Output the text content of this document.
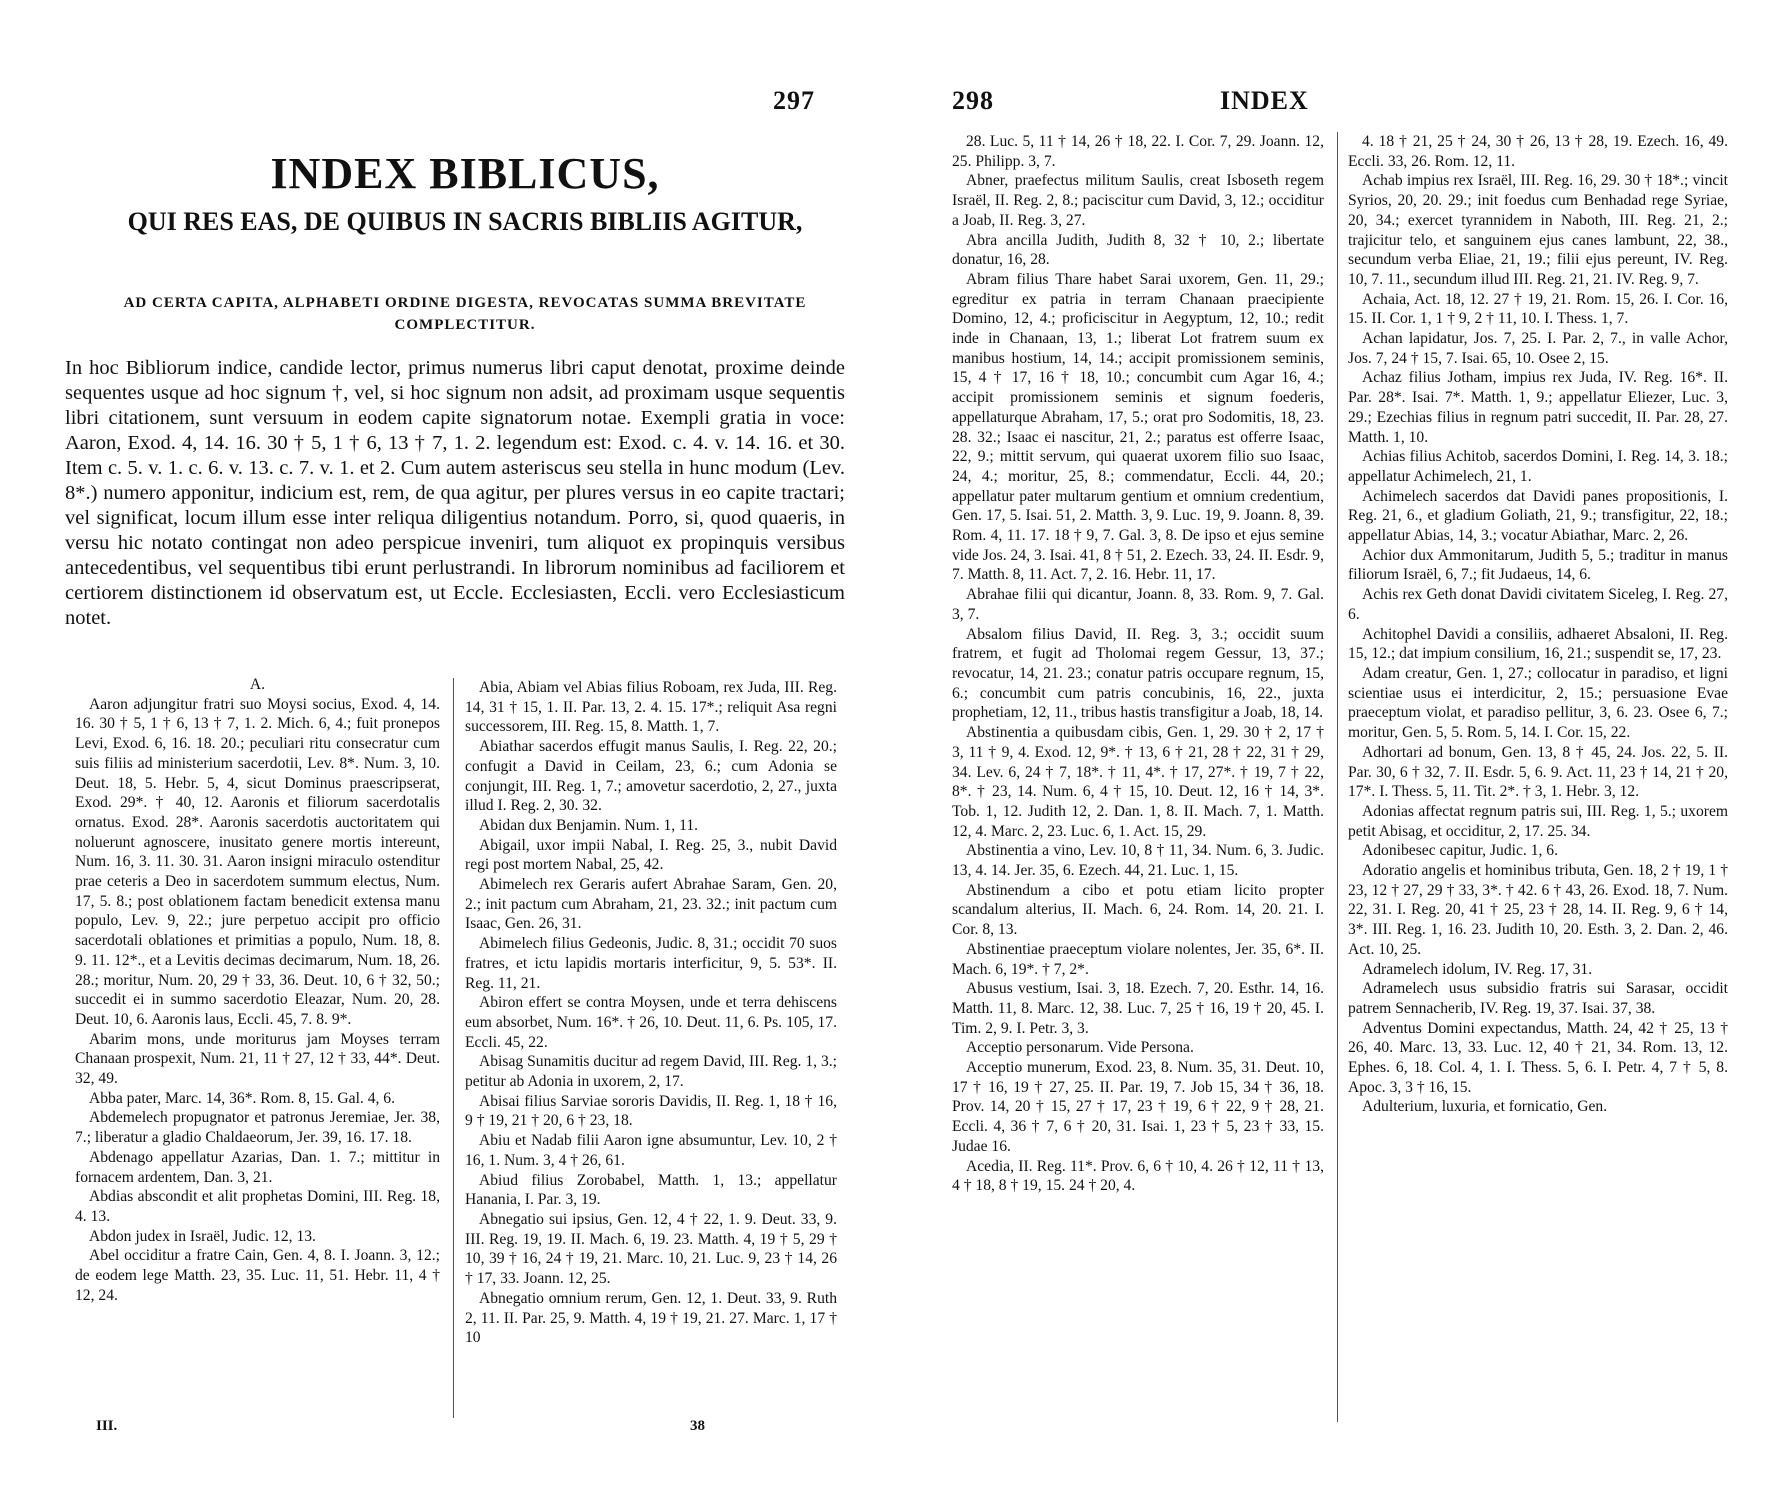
297
INDEX BIBLICUS,
QUI RES EAS, DE QUIBUS IN SACRIS BIBLIIS AGITUR,
AD CERTA CAPITA, ALPHABETI ORDINE DIGESTA, REVOCATAS SUMMA BREVITATE COMPLECTITUR.
In hoc Bibliorum indice, candide lector, primus numerus libri caput denotat, proxime deinde sequentes usque ad hoc signum †, vel, si hoc signum non adsit, ad proximam usque sequentis libri citationem, sunt versuum in eodem capite signatorum notae. Exempli gratia in voce: Aaron, Exod. 4, 14. 16. 30 † 5, 1 † 6, 13 † 7, 1. 2. legendum est: Exod. c. 4. v. 14. 16. et 30. Item c. 5. v. 1. c. 6. v. 13. c. 7. v. 1. et 2. Cum autem asteriscus seu stella in hunc modum (Lev. 8*.) numero apponitur, indicium est, rem, de qua agitur, per plures versus in eo capite tractari; vel significat, locum illum esse inter reliqua diligentius notandum. Porro, si, quod quaeris, in versu hic notato contingat non adeo perspicue inveniri, tum aliquot ex propinquis versibus antecedentibus, vel sequentibus tibi erunt perlustrandi. In librorum nominibus ad faciliorem et certiorem distinctionem id observatum est, ut Eccle. Ecclesiasten, Eccli. vero Ecclesiasticum notet.

A.

Aaron adjungitur fratri suo Moysi socius, Exod. 4, 14. 16. 30 † 5, 1 † 6, 13 † 7, 1. 2. Mich. 6, 4.; fuit pronepos Levi, Exod. 6, 16. 18. 20.; peculiari ritu consecratur cum suis filiis ad ministerium sacerdotii, Lev. 8*. Num. 3, 10. Deut. 18, 5. Hebr. 5, 4, sicut Dominus praescripserat, Exod. 29*. † 40, 12. Aaronis et filiorum sacerdotalis ornatus. Exod. 28*. Aaronis sacerdotis auctoritatem qui noluerunt agnoscere, inusitato genere mortis intereunt, Num. 16, 3. 11. 30. 31. Aaron insigni miraculo ostenditur prae ceteris a Deo in sacerdotem summum electus, Num. 17, 5. 8.; post oblationem factam benedicit extensa manu populo, Lev. 9, 22.; jure perpetuo accipit pro officio sacerdotali oblationes et primitias a populo, Num. 18, 8. 9. 11. 12*., et a Levitis decimas decimarum, Num. 18, 26. 28.; moritur, Num. 20, 29 † 33, 36. Deut. 10, 6 † 32, 50.; succedit ei in summo sacerdotio Eleazar, Num. 20, 28. Deut. 10, 6. Aaronis laus, Eccli. 45, 7. 8. 9*.

Abarim mons, unde moriturus jam Moyses terram Chanaan prospexit, Num. 21, 11 † 27, 12 † 33, 44*. Deut. 32, 49.

Abba pater, Marc. 14, 36*. Rom. 8, 15. Gal. 4, 6.

Abdemelech propugnator et patronus Jeremiae, Jer. 38, 7.; liberatur a gladio Chaldaeorum, Jer. 39, 16. 17. 18.

Abdenago appellatur Azarias, Dan. 1. 7.; mittitur in fornacem ardentem, Dan. 3, 21.

Abdias abscondit et alit prophetas Domini, III. Reg. 18, 4. 13.

Abdon judex in Israël, Judic. 12, 13.

Abel occiditur a fratre Cain, Gen. 4, 8. I. Joann. 3, 12.; de eodem lege Matth. 23, 35. Luc. 11, 51. Hebr. 11, 4 † 12, 24.

Abia, Abiam vel Abias filius Roboam, rex Juda, III. Reg. 14, 31 † 15, 1. II. Par. 13, 2. 4. 15. 17*.; reliquit Asa regni successorem, III. Reg. 15, 8. Matth. 1, 7.

Abiathar sacerdos effugit manus Saulis, I. Reg. 22, 20.; confugit a David in Ceilam, 23, 6.; cum Adonia se conjungit, III. Reg. 1, 7.; amovetur sacerdotio, 2, 27., juxta illud I. Reg. 2, 30. 32.

Abidan dux Benjamin. Num. 1, 11.

Abigail, uxor impii Nabal, I. Reg. 25, 3., nubit David regi post mortem Nabal, 25, 42.

Abimelech rex Geraris aufert Abrahae Saram, Gen. 20, 2.; init pactum cum Abraham, 21, 23. 32.; init pactum cum Isaac, Gen. 26, 31.

Abimelech filius Gedeonis, Judic. 8, 31.; occidit 70 suos fratres, et ictu lapidis mortaris interficitur, 9, 5. 53*. II. Reg. 11, 21.

Abiron effert se contra Moysen, unde et terra dehiscens eum absorbet, Num. 16*. † 26, 10. Deut. 11, 6. Ps. 105, 17. Eccli. 45, 22.

Abisag Sunamitis ducitur ad regem David, III. Reg. 1, 3.; petitur ab Adonia in uxorem, 2, 17.

Abisai filius Sarviae sororis Davidis, II. Reg. 1, 18 † 16, 9 † 19, 21 † 20, 6 † 23, 18.

Abiu et Nadab filii Aaron igne absumuntur, Lev. 10, 2 † 16, 1. Num. 3, 4 † 26, 61.

Abiud filius Zorobabel, Matth. 1, 13.; appellatur Hananiа, I. Par. 3, 19.

Abnegatio sui ipsius, Gen. 12, 4 † 22, 1. 9. Deut. 33, 9. III. Reg. 19, 19. II. Mach. 6, 19. 23. Matth. 4, 19 † 5, 29 † 10, 39 † 16, 24 † 19, 21. Marc. 10, 21. Luc. 9, 23 † 14, 26 † 17, 33. Joann. 12, 25.

Abnegatio omnium rerum, Gen. 12, 1. Deut. 33, 9. Ruth 2, 11. II. Par. 25, 9. Matth. 4, 19 † 19, 21. 27. Marc. 1, 17 † 10

III.	38
298	INDEX

28. Luc. 5, 11 † 14, 26 † 18, 22. I. Cor. 7, 29. Joann. 12, 25. Philipp. 3, 7.

Abner, praefectus militum Saulis, creat Isboseth regem Israël, II. Reg. 2, 8.; paciscitur cum David, 3, 12.; occiditur a Joab, II. Reg. 3, 27.

Abra ancilla Judith, Judith 8, 32 † 10, 2.; libertate donatur, 16, 28.

Abram filius Thare habet Sarai uxorem, Gen. 11, 29.; egreditur ex patria in terram Chanaan praecipiente Domino, 12, 4.; proficiscitur in Aegyptum, 12, 10.; redit inde in Chanaan, 13, 1.; liberat Lot fratrem suum ex manibus hostium, 14, 14.; accipit promissionem seminis, 15, 4 † 17, 16 † 18, 10.; concumbit cum Agar 16, 4.; accipit promissionem seminis et signum foederis, appellaturque Abraham, 17, 5.; orat pro Sodomitis, 18, 23. 28. 32.; Isaac ei nascitur, 21, 2.; paratus est offerre Isaac, 22, 9.; mittit servum, qui quaerat uxorem filio suo Isaac, 24, 4.; moritur, 25, 8.; commendatur, Eccli. 44, 20.; appellatur pater multarum gentium et omnium credentium, Gen. 17, 5. Isai. 51, 2. Matth. 3, 9. Luc. 19, 9. Joann. 8, 39. Rom. 4, 11. 17. 18 † 9, 7. Gal. 3, 8. De ipso et ejus semine vide Jos. 24, 3. Isai. 41, 8 † 51, 2. Ezech. 33, 24. II. Esdr. 9, 7. Matth. 8, 11. Act. 7, 2. 16. Hebr. 11, 17.

Abrahae filii qui dicantur, Joann. 8, 33. Rom. 9, 7. Gal. 3, 7.

Absalom filius David, II. Reg. 3, 3.; occidit suum fratrem, et fugit ad Tholomai regem Gessur, 13, 37.; revocatur, 14, 21. 23.; conatur patris occupare regnum, 15, 6.; concumbit cum patris concubinis, 16, 22., juxta prophetiam, 12, 11., tribus hastis transfigitur a Joab, 18, 14.

Abstinentia a quibusdam cibis, Gen. 1, 29. 30 † 2, 17 † 3, 11 † 9, 4. Exod. 12, 9*. † 13, 6 † 21, 28 † 22, 31 † 29, 34. Lev. 6, 24 † 7, 18*. † 11, 4*. † 17, 27*. † 19, 7 † 22, 8*. † 23, 14. Num. 6, 4 † 15, 10. Deut. 12, 16 † 14, 3*. Tob. 1, 12. Judith 12, 2. Dan. 1, 8. II. Mach. 7, 1. Matth. 12, 4. Marc. 2, 23. Luc. 6, 1. Act. 15, 29.

Abstinentia a vino, Lev. 10, 8 † 11, 34. Num. 6, 3. Judic. 13, 4. 14. Jer. 35, 6. Ezech. 44, 21. Luc. 1, 15.

Abstinendum a cibo et potu etiam licito propter scandalum alterius, II. Mach. 6, 24. Rom. 14, 20. 21. I. Cor. 8, 13.

Abstinentiae praeceptum violare nolentes, Jer. 35, 6*. II. Mach. 6, 19*. † 7, 2*.

Abusus vestium, Isai. 3, 18. Ezech. 7, 20. Esthr. 14, 16. Matth. 11, 8. Marc. 12, 38. Luc. 7, 25 † 16, 19 † 20, 45. I. Tim. 2, 9. I. Petr. 3, 3.

Acceptio personarum. Vide Persona.

Acceptio munerum, Exod. 23, 8. Num. 35, 31. Deut. 10, 17 † 16, 19 † 27, 25. II. Par. 19, 7. Job 15, 34 † 36, 18. Prov. 14, 20 † 15, 27 † 17, 23 † 19, 6 † 22, 9 † 28, 21. Eccli. 4, 36 † 7, 6 † 20, 31. Isai. 1, 23 † 5, 23 † 33, 15. Judae 16.

Acedia, II. Reg. 11*. Prov. 6, 6 † 10, 4. 26 † 12, 11 † 13, 4 † 18, 8 † 19, 15. 24 † 20, 4.

4. 18 † 21, 25 † 24, 30 † 26, 13 † 28, 19. Ezech. 16, 49. Eccli. 33, 26. Rom. 12, 11.

Achab impius rex Israël, III. Reg. 16, 29. 30 † 18*.; vincit Syrios, 20, 20. 29.; init foedus cum Benhadad rege Syriae, 20, 34.; exercet tyrannidem in Naboth, III. Reg. 21, 2.; trajicitur telo, et sanguinem ejus canes lambunt, 22, 38., secundum verba Eliae, 21, 19.; filii ejus pereunt, IV. Reg. 10, 7. 11., secundum illud III. Reg. 21, 21. IV. Reg. 9, 7.

Achaia, Act. 18, 12. 27 † 19, 21. Rom. 15, 26. I. Cor. 16, 15. II. Cor. 1, 1 † 9, 2 † 11, 10. I. Thess. 1, 7.

Achan lapidatur, Jos. 7, 25. I. Par. 2, 7., in valle Achor, Jos. 7, 24 † 15, 7. Isai. 65, 10. Osee 2, 15.

Achaz filius Jotham, impius rex Juda, IV. Reg. 16*. II. Par. 28*. Isai. 7*. Matth. 1, 9.; appellatur Eliezer, Luc. 3, 29.; Ezechias filius in regnum patri succedit, II. Par. 28, 27. Matth. 1, 10.

Achias filius Achitob, sacerdos Domini, I. Reg. 14, 3. 18.; appellatur Achimelech, 21, 1.

Achimelech sacerdos dat Davidi panes propositionis, I. Reg. 21, 6., et gladium Goliath, 21, 9.; transfigitur, 22, 18.; appellatur Abias, 14, 3.; vocatur Abiathar, Marc. 2, 26.

Achior dux Ammonitarum, Judith 5, 5.; traditur in manus filiorum Israël, 6, 7.; fit Judaeus, 14, 6.

Achis rex Geth donat Davidi civitatem Siceleg, I. Reg. 27, 6.

Achitophel Davidi a consiliis, adhaeret Absaloni, II. Reg. 15, 12.; dat impium consilium, 16, 21.; suspendit se, 17, 23.

Adam creatur, Gen. 1, 27.; collocatur in paradiso, et ligni scientiae usus ei interdicitur, 2, 15.; persuasione Evae praeceptum violat, et paradiso pellitur, 3, 6. 23. Osee 6, 7.; moritur, Gen. 5, 5. Rom. 5, 14. I. Cor. 15, 22.

Adhortari ad bonum, Gen. 13, 8 † 45, 24. Jos. 22, 5. II. Par. 30, 6 † 32, 7. II. Esdr. 5, 6. 9. Act. 11, 23 † 14, 21 † 20, 17*. I. Thess. 5, 11. Tit. 2*. † 3, 1. Hebr. 3, 12.

Adonias affectat regnum patris sui, III. Reg. 1, 5.; uxorem petit Abisag, et occiditur, 2, 17. 25. 34.

Adonibesec capitur, Judic. 1, 6.

Adoratio angelis et hominibus tributa, Gen. 18, 2 † 19, 1 † 23, 12 † 27, 29 † 33, 3*. † 42. 6 † 43, 26. Exod. 18, 7. Num. 22, 31. I. Reg. 20, 41 † 25, 23 † 28, 14. II. Reg. 9, 6 † 14, 3*. III. Reg. 1, 16. 23. Judith 10, 20. Esth. 3, 2. Dan. 2, 46. Act. 10, 25.

Adramelech idolum, IV. Reg. 17, 31.

Adramelech usus subsidio fratris sui Sarasar, occidit patrem Sennacherib, IV. Reg. 19, 37. Isai. 37, 38.

Adventus Domini expectandus, Matth. 24, 42 † 25, 13 † 26, 40. Marc. 13, 33. Luc. 12, 40 † 21, 34. Rom. 13, 12. Ephes. 6, 18. Col. 4, 1. I. Thess. 5, 6. I. Petr. 4, 7 † 5, 8. Apoc. 3, 3 † 16, 15.

Adulterium, luxuria, et fornicatio, Gen.
